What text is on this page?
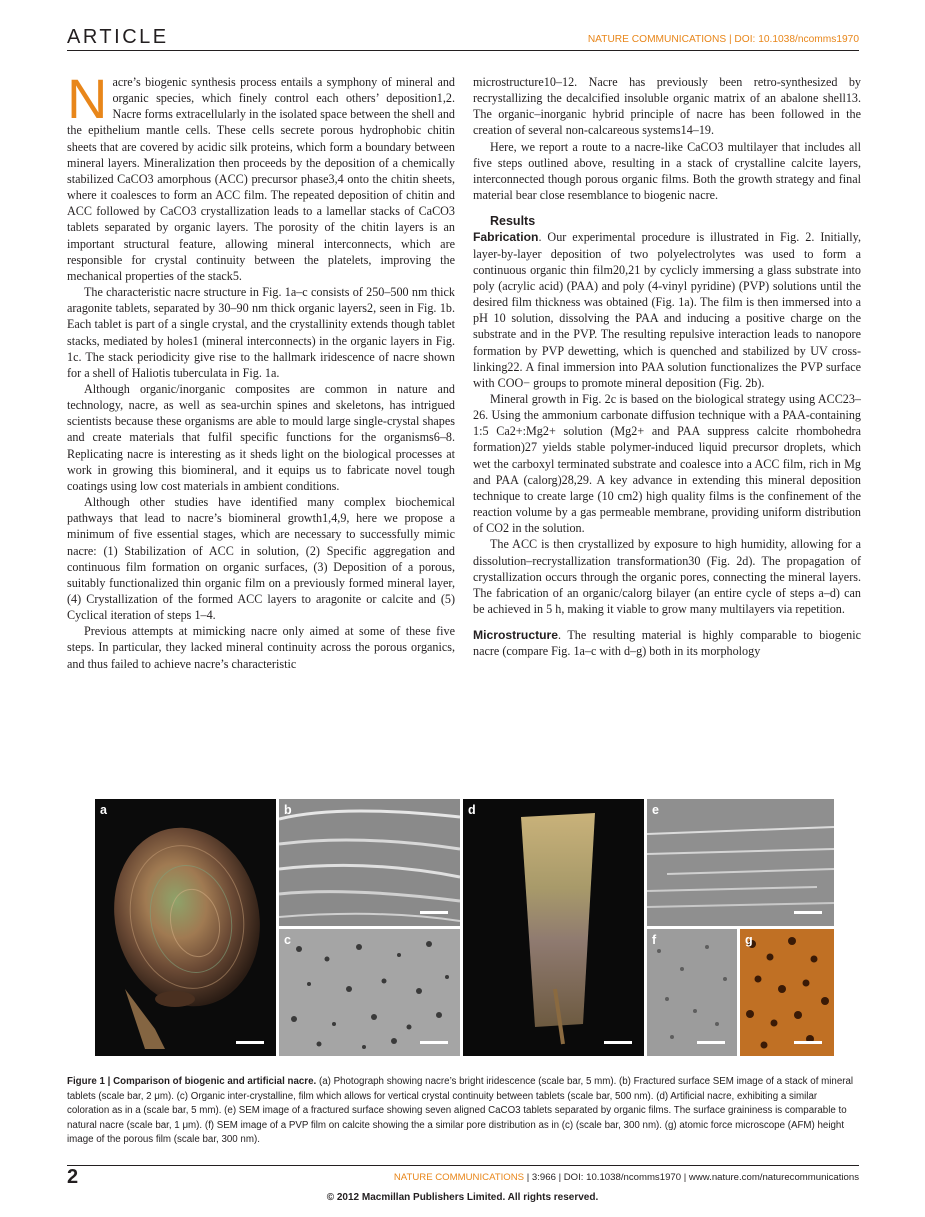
ARTICLE	NATURE COMMUNICATIONS | DOI: 10.1038/ncomms1970

Nacre’s biogenic synthesis process entails a symphony of mineral and organic species, which finely control each others’ deposition1,2. Nacre forms extracellularly in the isolated space between the shell and the epithelium mantle cells. These cells secrete porous hydrophobic chitin sheets that are covered by acidic silk proteins, which form a boundary between mineral layers. Mineralization then proceeds by the deposition of a chemically stabilized CaCO3 amorphous (ACC) precursor phase3,4 onto the chitin sheets, where it coalesces to form an ACC film. The repeated deposition of chitin and ACC followed by CaCO3 crystallization leads to a lamellar stacks of CaCO3 tablets separated by organic layers. The porosity of the chitin layers is an important structural feature, allowing mineral interconnects, which are responsible for crystal continuity between the platelets, improving the mechanical properties of the stack5.

The characteristic nacre structure in Fig. 1a–c consists of 250–500 nm thick aragonite tablets, separated by 30–90 nm thick organic layers2, seen in Fig. 1b. Each tablet is part of a single crystal, and the crystallinity extends though tablet stacks, mediated by holes1 (mineral interconnects) in the organic layers in Fig. 1c. The stack periodicity give rise to the hallmark iridescence of nacre shown for a shell of Haliotis tuberculata in Fig. 1a.

Although organic/inorganic composites are common in nature and technology, nacre, as well as sea-urchin spines and skeletons, has intrigued scientists because these organisms are able to mould large single-crystal shapes and create materials that fulfil specific functions for the organisms6–8. Replicating nacre is interesting as it sheds light on the biological processes at work in growing this biomineral, and it equips us to fabricate novel tough coatings using low cost materials in ambient conditions.

Although other studies have identified many complex biochemical pathways that lead to nacre’s biomineral growth1,4,9, here we propose a minimum of five essential stages, which are necessary to successfully mimic nacre: (1) Stabilization of ACC in solution, (2) Specific aggregation and continuous film formation on organic surfaces, (3) Deposition of a porous, suitably functionalized thin organic film on a previously formed mineral layer, (4) Crystallization of the formed ACC layers to aragonite or calcite and (5) Cyclical iteration of steps 1–4.

Previous attempts at mimicking nacre only aimed at some of these five steps. In particular, they lacked mineral continuity across the porous organics, and thus failed to achieve nacre’s characteristic

microstructure10–12. Nacre has previously been retro-synthesized by recrystallizing the decalcified insoluble organic matrix of an abalone shell13. The organic–inorganic hybrid principle of nacre has been followed in the creation of several non-calcareous systems14–19.

Here, we report a route to a nacre-like CaCO3 multilayer that includes all five steps outlined above, resulting in a stack of crystalline calcite layers, interconnected though porous organic films. Both the growth strategy and final material bear close resemblance to biogenic nacre.

Results

Fabrication. Our experimental procedure is illustrated in Fig. 2. Initially, layer-by-layer deposition of two polyelectrolytes was used to form a continuous organic thin film20,21 by cyclicly immersing a glass substrate into poly (acrylic acid) (PAA) and poly (4-vinyl pyridine) (PVP) solutions until the desired film thickness was obtained (Fig. 1a). The film is then immersed into a pH 10 solution, dissolving the PAA and inducing a positive charge on the substrate and in the PVP. The resulting repulsive interaction leads to nanopore formation by PVP dewetting, which is quenched and stabilized by UV cross-linking22. A final immersion into PAA solution functionalizes the PVP surface with COO− groups to promote mineral deposition (Fig. 2b).

Mineral growth in Fig. 2c is based on the biological strategy using ACC23–26. Using the ammonium carbonate diffusion technique with a PAA-containing 1:5 Ca2+:Mg2+ solution (Mg2+ and PAA suppress calcite rhombohedra formation)27 yields stable polymer-induced liquid precursor droplets, which wet the carboxyl terminated substrate and coalesce into a ACC film, rich in Mg and PAA (calorg)28,29. A key advance in extending this mineral deposition technique to create large (10 cm2) high quality films is the confinement of the reaction volume by a gas permeable membrane, providing uniform distribution of CO2 in the solution.

The ACC is then crystallized by exposure to high humidity, allowing for a dissolution–recrystallization transformation30 (Fig. 2d). The propagation of crystallization occurs through the organic pores, connecting the mineral layers. The fabrication of an organic/calorg bilayer (an entire cycle of steps a–d) can be achieved in 5 h, making it viable to grow many multilayers via repetition.

Microstructure. The resulting material is highly comparable to biogenic nacre (compare Fig. 1a–c with d–g) both in its morphology

a	b
c
d	e
f	g
Figure 1 | Comparison of biogenic and artificial nacre. (a) Photograph showing nacre’s bright iridescence (scale bar, 5 mm). (b) Fractured surface SEM image of a stack of mineral tablets (scale bar, 2 μm). (c) Organic inter-crystalline, film which allows for vertical crystal continuity between tablets (scale bar, 500 nm). (d) Artificial nacre, exhibiting a similar coloration as in a (scale bar, 5 mm). (e) SEM image of a fractured surface showing seven aligned CaCO3 tablets separated by organic films. The surface graininess is comparable to natural nacre (scale bar, 1 μm). (f) SEM image of a PVP film on calcite showing the a similar pore distribution as in (c) (scale bar, 300 nm). (g) atomic force microscope (AFM) height image of the porous film (scale bar, 300 nm).
2	NATURE COMMUNICATIONS | 3:966 | DOI: 10.1038/ncomms1970 | www.nature.com/naturecommunications
© 2012 Macmillan Publishers Limited. All rights reserved.
